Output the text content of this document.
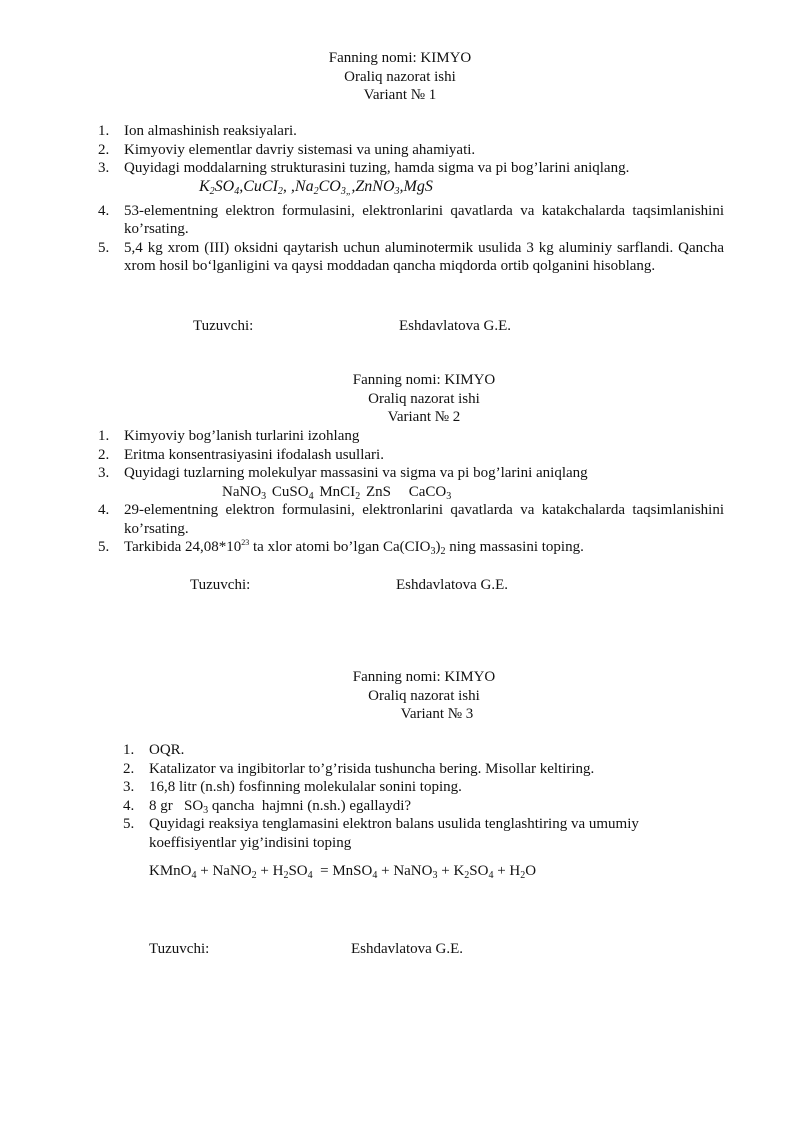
Fanning nomi: KIMYO
Oraliq nazorat ishi
Variant № 1
1. Ion almashinish reaksiyalari.
2. Kimyoviy elementlar davriy sistemasi va uning ahamiyati.
3. Quyidagi moddalarning strukturasini tuzing, hamda sigma va pi bog’larini aniqlang.
$K_2SO_4,CuCI_2$, $,Na_2CO_{3„},ZnNO_3,MgS$
4. 53-elementning elektron formulasini, elektronlarini qavatlarda va katakchalarda taqsimlanishini ko’rsating.
5. 5,4 kg xrom (III) oksidni qaytarish uchun aluminotermik usulida 3 kg aluminiy sarflandi. Qancha xrom hosil bo‘lganligini va qaysi moddadan qancha miqdorda ortib qolganini hisoblang.
Tuzuvchi:	Eshdavlatova G.E.
Fanning nomi: KIMYO
Oraliq nazorat ishi
Variant № 2
1. Kimyoviy bog’lanish turlarini izohlang
2. Eritma konsentrasiyasini ifodalash usullari.
3. Quyidagi tuzlarning molekulyar massasini va sigma va pi bog’larini aniqlang
NaNO$_3$ CuSO$_4$ MnCI$_2$ ZnS CaCO$_3$
4. 29-elementning elektron formulasini, elektronlarini qavatlarda va katakchalarda taqsimlanishini ko’rsating.
5. Tarkibida $24,08*10^{23}$ ta xlor atomi bo’lgan $Ca(CIO_3)_2$ ning massasini toping.
Tuzuvchi:	Eshdavlatova G.E.
Fanning nomi: KIMYO
Oraliq nazorat ishi
Variant № 3
1. OQR.
2. Katalizator va ingibitorlar to’g’risida tushuncha bering. Misollar keltiring.
3. 16,8 litr (n.sh) fosfinning molekulalar sonini toping.
4. 8 gr   $SO_3$ qancha  hajmni (n.sh.) egallaydi?
5. Quyidagi reaksiya tenglamasini elektron balans usulida tenglashtiring va umumiy koeffisiyentlar yig’indisini toping
KMnO$_4$ + NaNO$_2$ + $H_2SO_4$  = MnSO$_4$ + NaNO$_3$ + $K_2SO_4 + H_2O$
Tuzuvchi:	Eshdavlatova G.E.
